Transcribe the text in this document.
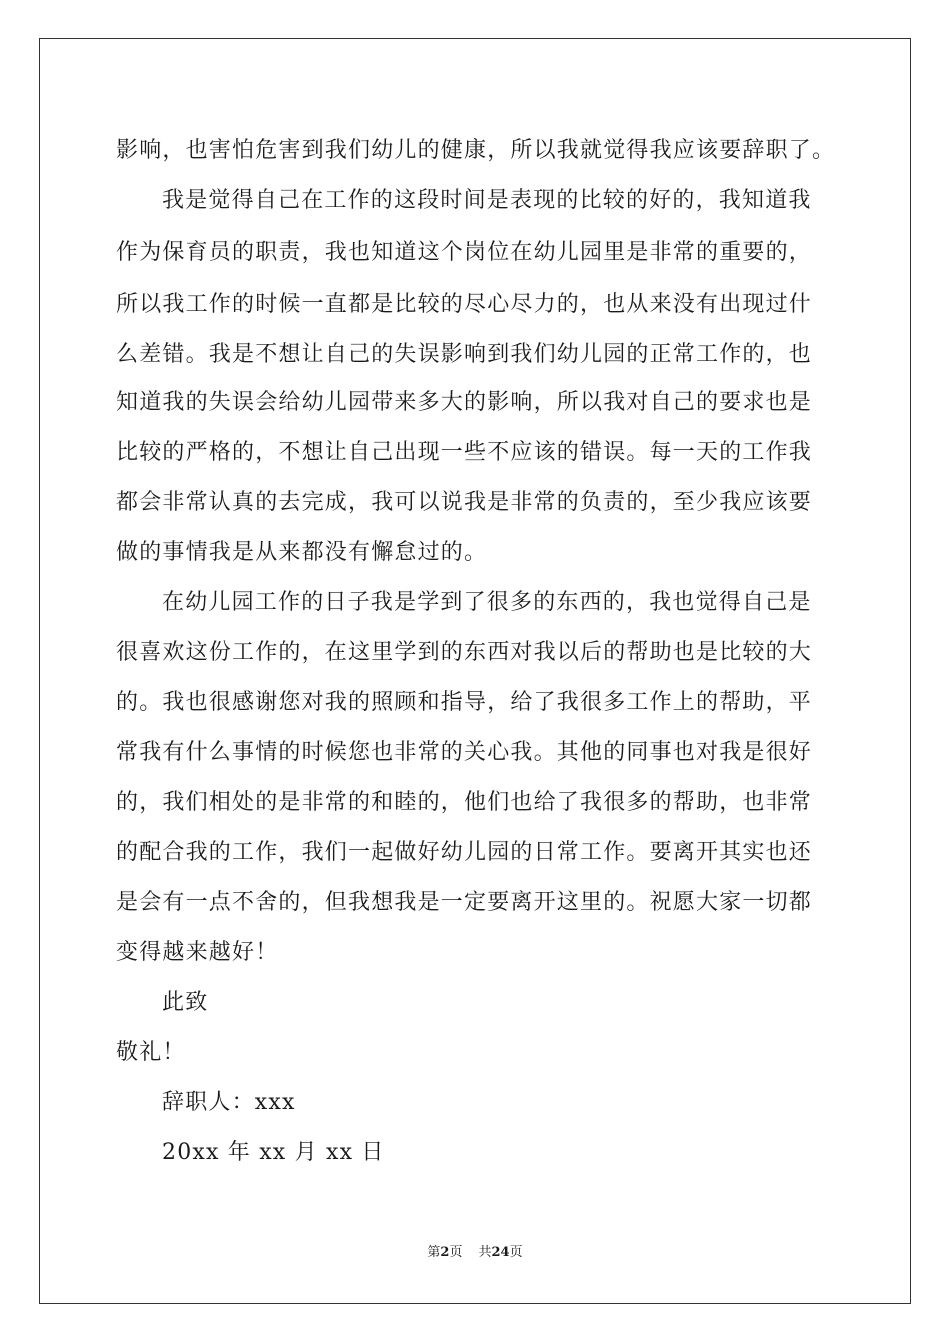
影响，也害怕危害到我们幼儿的健康，所以我就觉得我应该要辞职了。
我是觉得自己在工作的这段时间是表现的比较的好的，我知道我
作为保育员的职责，我也知道这个岗位在幼儿园里是非常的重要的，
所以我工作的时候一直都是比较的尽心尽力的，也从来没有出现过什
么差错。我是不想让自己的失误影响到我们幼儿园的正常工作的，也
知道我的失误会给幼儿园带来多大的影响，所以我对自己的要求也是
比较的严格的，不想让自己出现一些不应该的错误。每一天的工作我
都会非常认真的去完成，我可以说我是非常的负责的，至少我应该要
做的事情我是从来都没有懈怠过的。
在幼儿园工作的日子我是学到了很多的东西的，我也觉得自己是
很喜欢这份工作的，在这里学到的东西对我以后的帮助也是比较的大
的。我也很感谢您对我的照顾和指导，给了我很多工作上的帮助，平
常我有什么事情的时候您也非常的关心我。其他的同事也对我是很好
的，我们相处的是非常的和睦的，他们也给了我很多的帮助，也非常
的配合我的工作，我们一起做好幼儿园的日常工作。要离开其实也还
是会有一点不舍的，但我想我是一定要离开这里的。祝愿大家一切都
变得越来越好！
此致
敬礼！
辞职人：xxx
20xx 年 xx 月 xx 日
第2页 共24页
